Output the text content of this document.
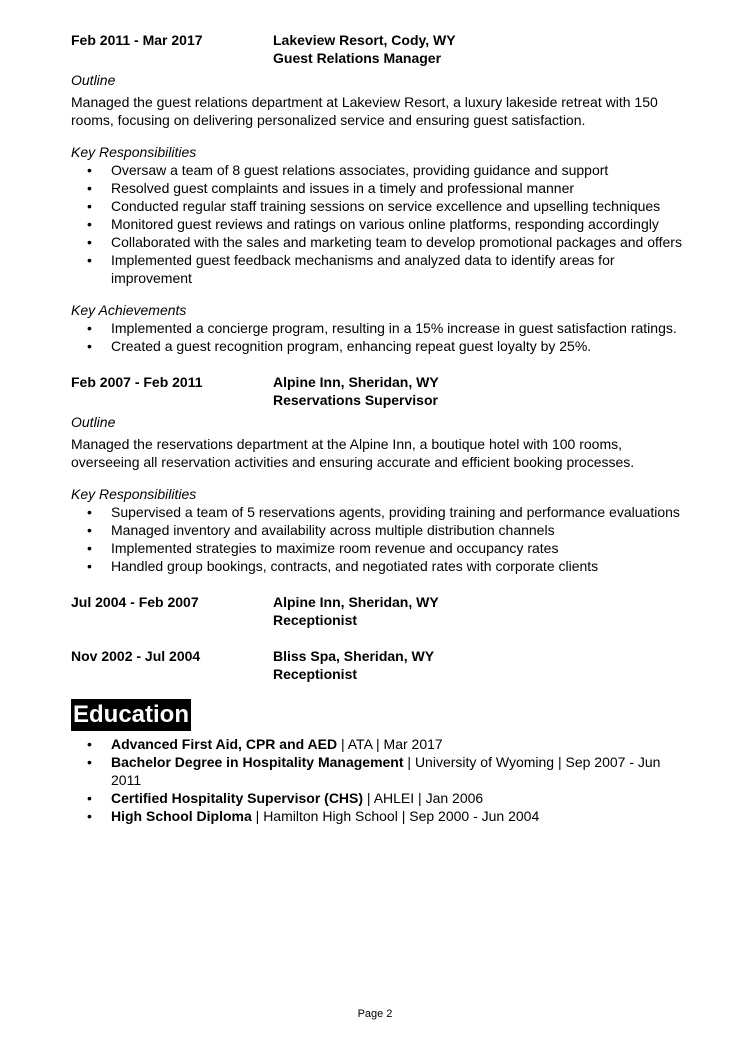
Feb 2011 - Mar 2017	Lakeview Resort, Cody, WY
Guest Relations Manager
Outline

Managed the guest relations department at Lakeview Resort, a luxury lakeside retreat with 150 rooms, focusing on delivering personalized service and ensuring guest satisfaction.

Key Responsibilities
• Oversaw a team of 8 guest relations associates, providing guidance and support
• Resolved guest complaints and issues in a timely and professional manner
• Conducted regular staff training sessions on service excellence and upselling techniques
• Monitored guest reviews and ratings on various online platforms, responding accordingly
• Collaborated with the sales and marketing team to develop promotional packages and offers
• Implemented guest feedback mechanisms and analyzed data to identify areas for improvement
Key Achievements
• Implemented a concierge program, resulting in a 15% increase in guest satisfaction ratings.
• Created a guest recognition program, enhancing repeat guest loyalty by 25%.
Feb 2007 - Feb 2011	Alpine Inn, Sheridan, WY
Reservations Supervisor
Outline

Managed the reservations department at the Alpine Inn, a boutique hotel with 100 rooms, overseeing all reservation activities and ensuring accurate and efficient booking processes.

Key Responsibilities
• Supervised a team of 5 reservations agents, providing training and performance evaluations
• Managed inventory and availability across multiple distribution channels
• Implemented strategies to maximize room revenue and occupancy rates
• Handled group bookings, contracts, and negotiated rates with corporate clients
Jul 2004 - Feb 2007	Alpine Inn, Sheridan, WY
Receptionist
Nov 2002 - Jul 2004	Bliss Spa, Sheridan, WY
Receptionist
Education
• Advanced First Aid, CPR and AED | ATA | Mar 2017
• Bachelor Degree in Hospitality Management | University of Wyoming | Sep 2007 - Jun 2011
• Certified Hospitality Supervisor (CHS) | AHLEI | Jan 2006
• High School Diploma | Hamilton High School | Sep 2000 - Jun 2004
Page 2
